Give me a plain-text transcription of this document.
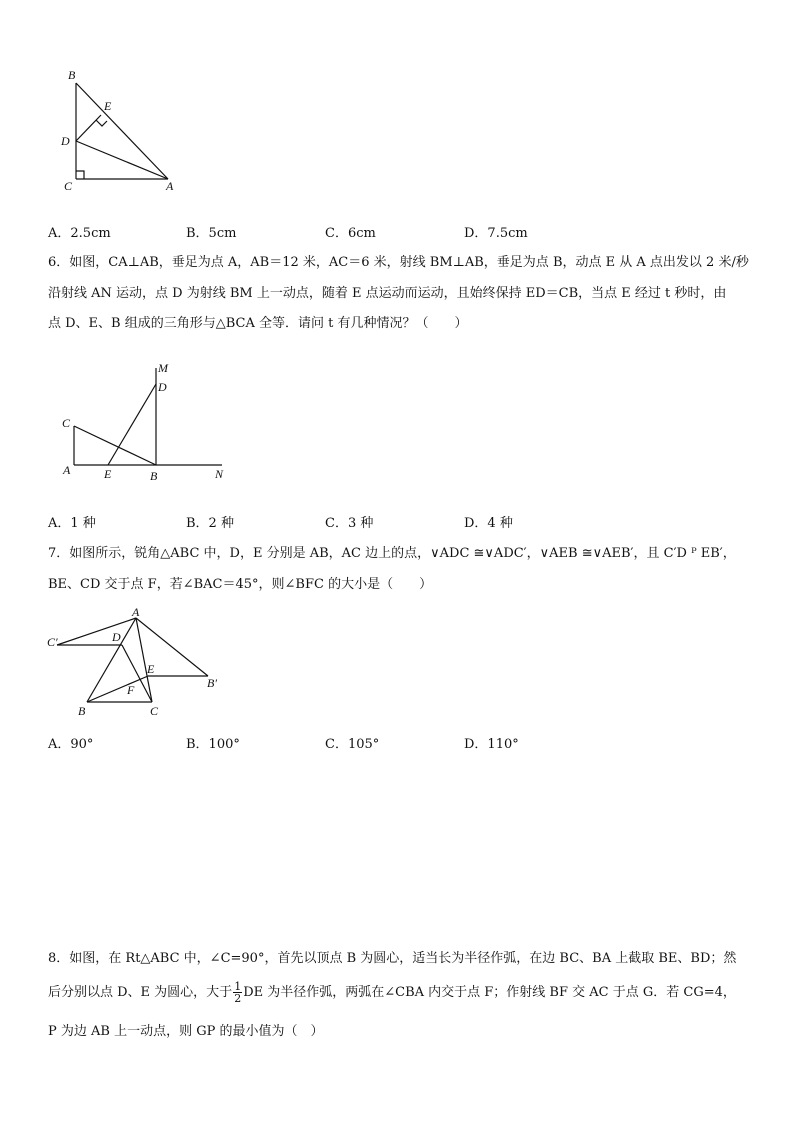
B
E
D
C	A
A．2.5cm	B．5cm	C．6cm	D．7.5cm
6．如图，CA⊥AB，垂足为点 A，AB＝12 米，AC＝6 米，射线 BM⊥AB，垂足为点 B，动点 E 从 A 点出发以 2 米/秒
沿射线 AN 运动，点 D 为射线 BM 上一动点，随着 E 点运动而运动，且始终保持 ED＝CB，当点 E 经过 t 秒时，由
点 D、E、B 组成的三角形与△BCA 全等．请问 t 有几种情况？（　　）
M
D
C
A	E	B	N
A．1 种	B．2 种	C．3 种	D．4 种
7．如图所示，锐角△ABC 中，D，E 分别是 AB，AC 边上的点，∨ADC ≅∨ADC′，∨AEB ≅∨AEB′，且 C′D ᴾ EB′，
BE、CD 交于点 F，若∠BAC＝45°，则∠BFC 的大小是（　　）
A
C′	D
E
F	B′
B	C
A．90°	B．100°	C．105°	D．110°
8．如图，在 Rt△ABC 中，∠C=90°，首先以顶点 B 为圆心，适当长为半径作弧，在边 BC、BA 上截取 BE、BD；然
后分别以点 D、E 为圆心，大于 $\frac{1}{2}$ DE 为半径作弧，两弧在∠CBA 内交于点 F；作射线 BF 交 AC 于点 G．若 CG=4，
P 为边 AB 上一动点，则 GP 的最小值为（　）
